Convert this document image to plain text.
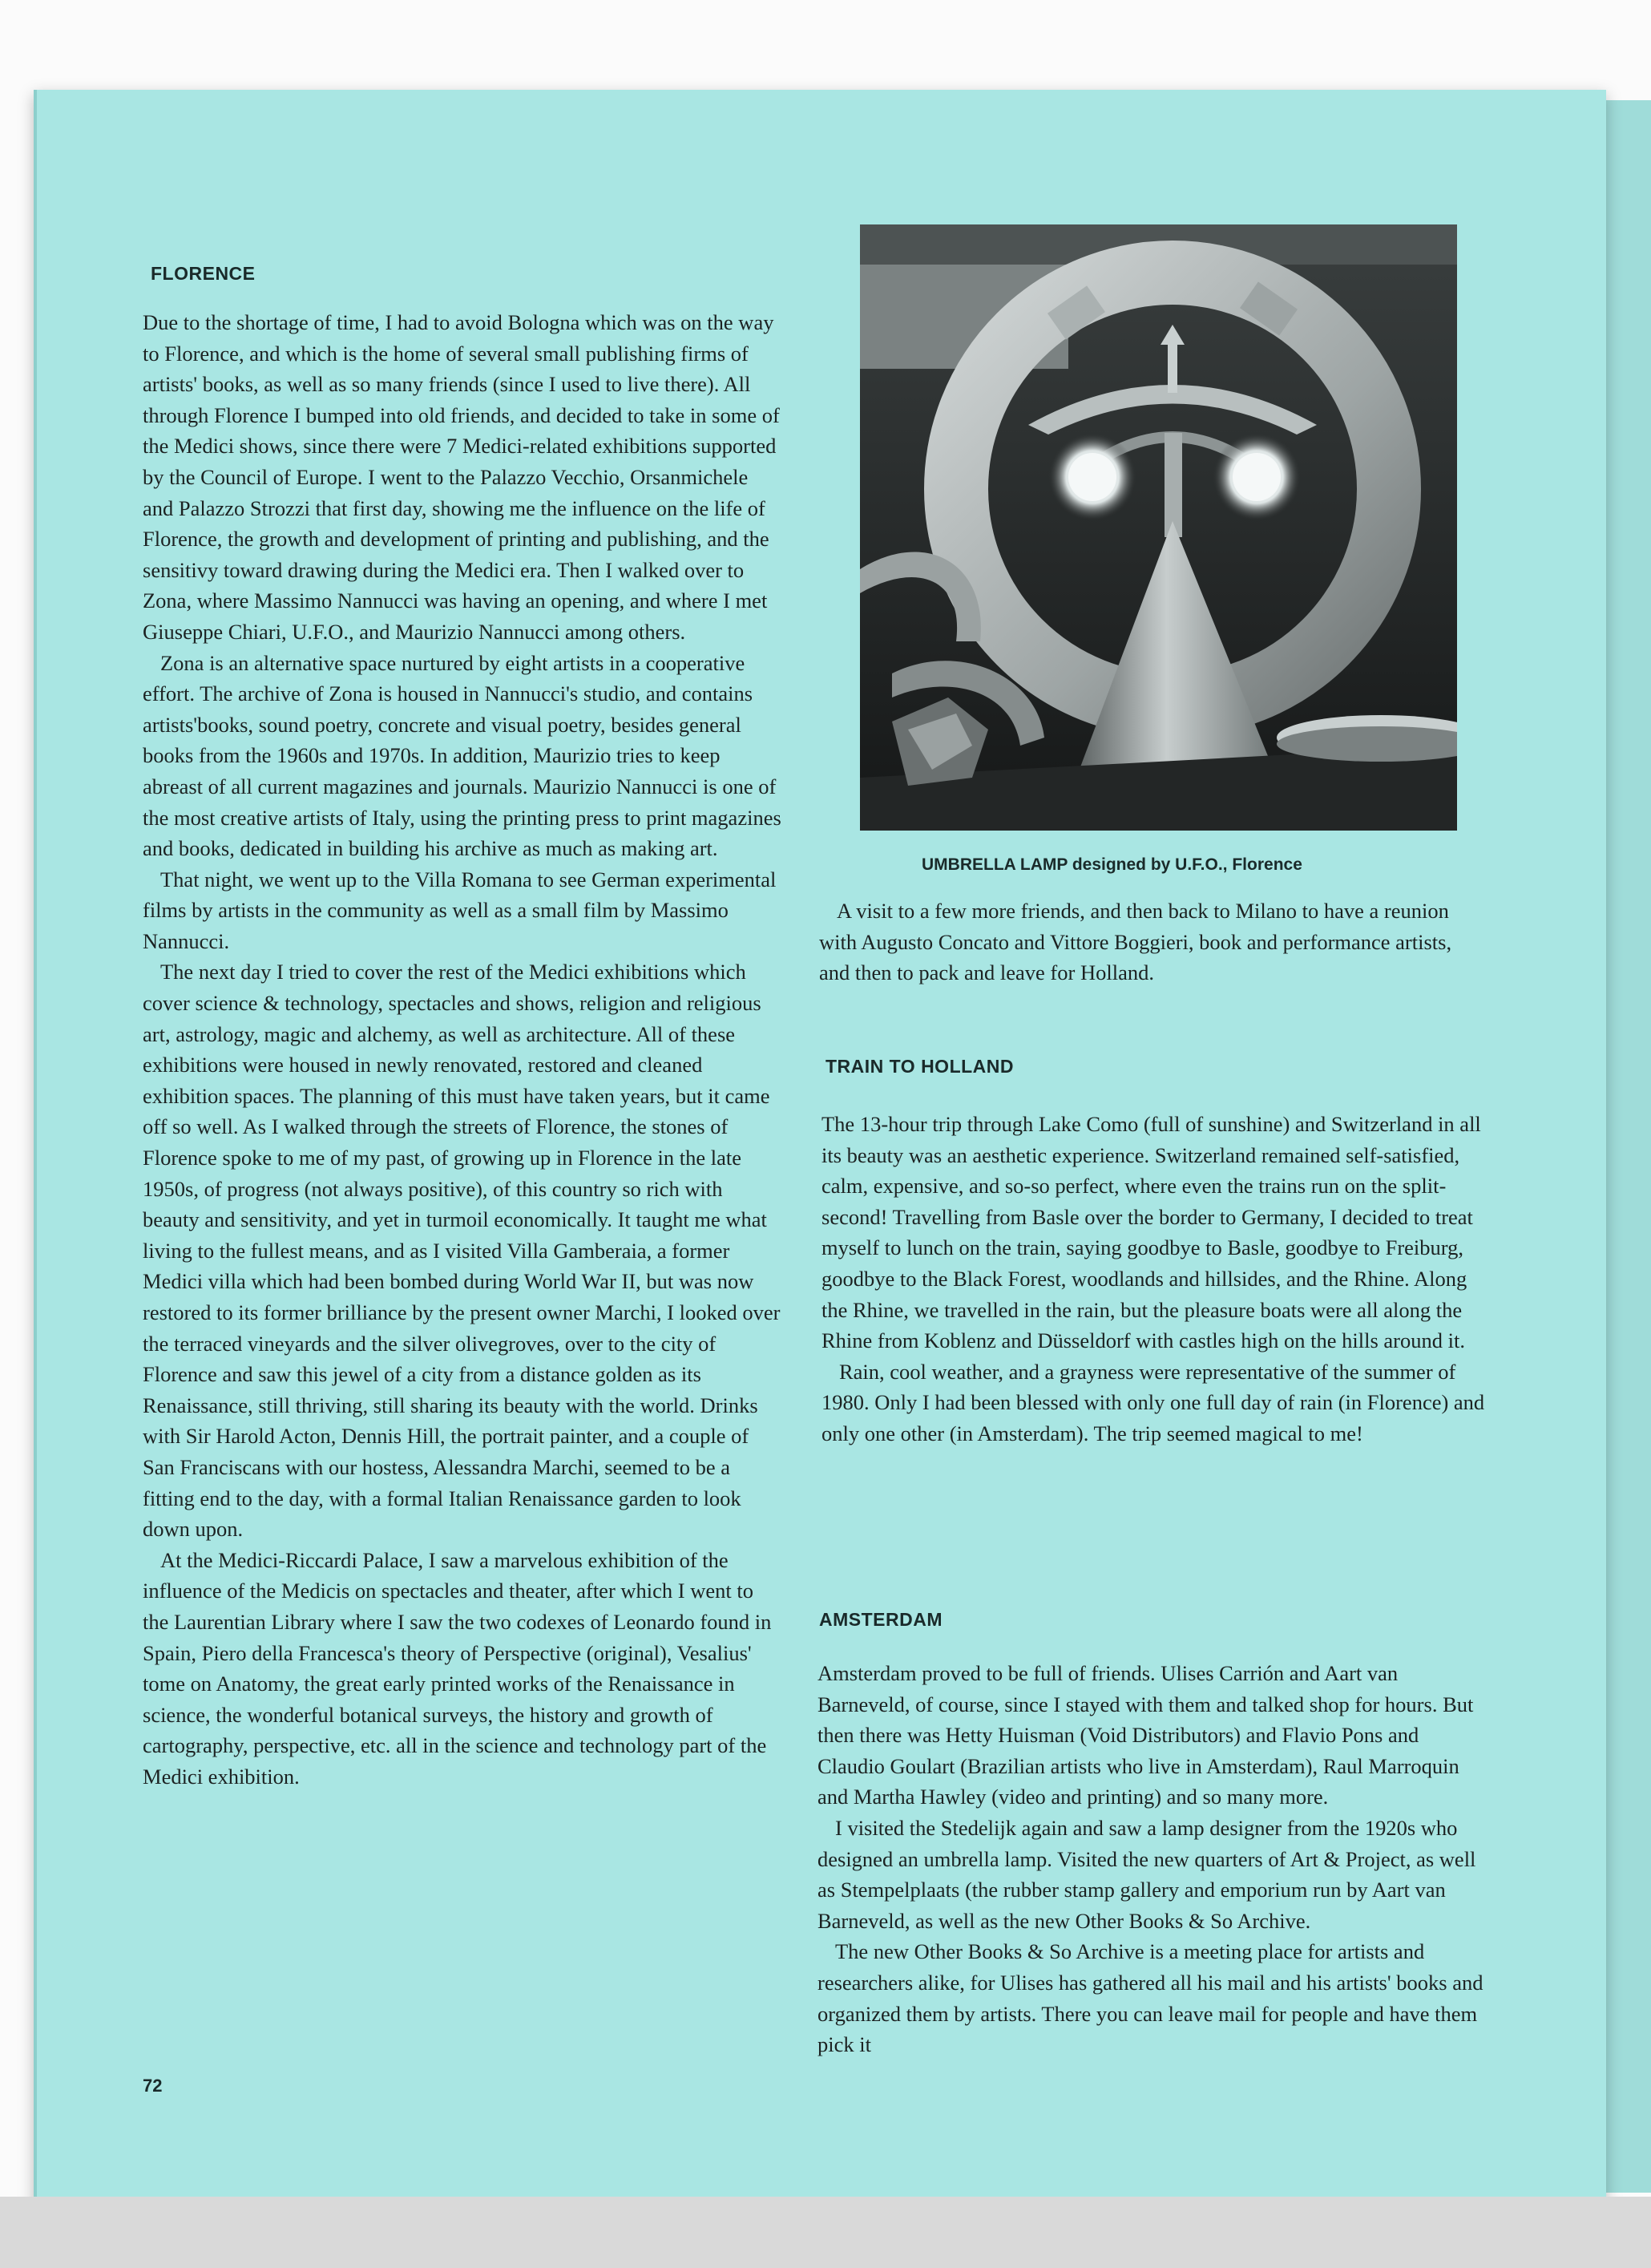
FLORENCE

Due to the shortage of time, I had to avoid Bologna which was on the way to Florence, and which is the home of several small publishing firms of artists' books, as well as so many friends (since I used to live there). All through Florence I bumped into old friends, and decided to take in some of the Medici shows, since there were 7 Medici-related exhibitions supported by the Council of Europe. I went to the Palazzo Vecchio, Orsanmichele and Palazzo Strozzi that first day, showing me the influence on the life of Florence, the growth and development of printing and publishing, and the sensitivy toward drawing during the Medici era. Then I walked over to Zona, where Massimo Nannucci was having an opening, and where I met Giuseppe Chiari, U.F.O., and Maurizio Nannucci among others.

Zona is an alternative space nurtured by eight artists in a cooperative effort. The archive of Zona is housed in Nannucci's studio, and contains artists'books, sound poetry, concrete and visual poetry, besides general books from the 1960s and 1970s. In addition, Maurizio tries to keep abreast of all current magazines and journals. Maurizio Nannucci is one of the most creative artists of Italy, using the printing press to print magazines and books, dedicated in building his archive as much as making art.

That night, we went up to the Villa Romana to see German experimental films by artists in the community as well as a small film by Massimo Nannucci.

The next day I tried to cover the rest of the Medici exhibitions which cover science & technology, spectacles and shows, religion and religious art, astrology, magic and alchemy, as well as architecture. All of these exhibitions were housed in newly renovated, restored and cleaned exhibition spaces. The planning of this must have taken years, but it came off so well. As I walked through the streets of Florence, the stones of Florence spoke to me of my past, of growing up in Florence in the late 1950s, of progress (not always positive), of this country so rich with beauty and sensitivity, and yet in turmoil economically. It taught me what living to the fullest means, and as I visited Villa Gamberaia, a former Medici villa which had been bombed during World War II, but was now restored to its former brilliance by the present owner Marchi, I looked over the terraced vineyards and the silver olivegroves, over to the city of Florence and saw this jewel of a city from a distance golden as its Renaissance, still thriving, still sharing its beauty with the world. Drinks with Sir Harold Acton, Dennis Hill, the portrait painter, and a couple of San Franciscans with our hostess, Alessandra Marchi, seemed to be a fitting end to the day, with a formal Italian Renaissance garden to look down upon.

At the Medici-Riccardi Palace, I saw a marvelous exhibition of the influence of the Medicis on spectacles and theater, after which I went to the Laurentian Library where I saw the two codexes of Leonardo found in Spain, Piero della Francesca's theory of Perspective (original), Vesalius' tome on Anatomy, the great early printed works of the Renaissance in science, the wonderful botanical surveys, the history and growth of cartography, perspective, etc. all in the science and technology part of the Medici exhibition.

72
UMBRELLA LAMP designed by U.F.O., Florence

A visit to a few more friends, and then back to Milano to have a reunion with Augusto Concato and Vittore Boggieri, book and performance artists, and then to pack and leave for Holland.

TRAIN TO HOLLAND

The 13-hour trip through Lake Como (full of sunshine) and Switzerland in all its beauty was an aesthetic experience. Switzerland remained self-satisfied, calm, expensive, and so-so perfect, where even the trains run on the split-second! Travelling from Basle over the border to Germany, I decided to treat myself to lunch on the train, saying goodbye to Basle, goodbye to Freiburg, goodbye to the Black Forest, woodlands and hillsides, and the Rhine. Along the Rhine, we travelled in the rain, but the pleasure boats were all along the Rhine from Koblenz and Düsseldorf with castles high on the hills around it.

Rain, cool weather, and a grayness were representative of the summer of 1980. Only I had been blessed with only one full day of rain (in Florence) and only one other (in Amsterdam). The trip seemed magical to me!

AMSTERDAM

Amsterdam proved to be full of friends. Ulises Carrión and Aart van Barneveld, of course, since I stayed with them and talked shop for hours. But then there was Hetty Huisman (Void Distributors) and Flavio Pons and Claudio Goulart (Brazilian artists who live in Amsterdam), Raul Marroquin and Martha Hawley (video and printing) and so many more.

I visited the Stedelijk again and saw a lamp designer from the 1920s who designed an umbrella lamp. Visited the new quarters of Art & Project, as well as Stempelplaats (the rubber stamp gallery and emporium run by Aart van Barneveld, as well as the new Other Books & So Archive.

The new Other Books & So Archive is a meeting place for artists and researchers alike, for Ulises has gathered all his mail and his artists' books and organized them by artists. There you can leave mail for people and have them pick it
